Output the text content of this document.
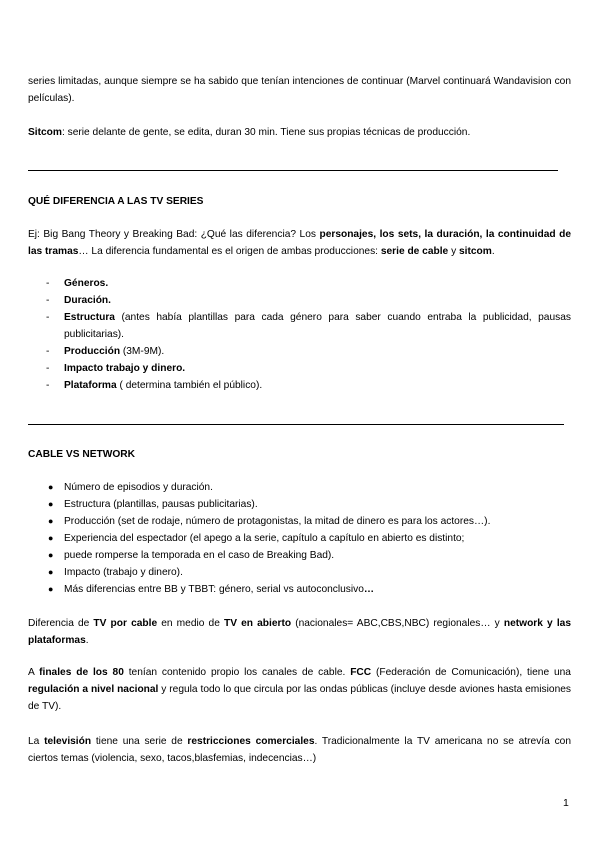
series limitadas, aunque siempre se ha sabido que tenían intenciones de continuar (Marvel continuará Wandavision con películas).
Sitcom: serie delante de gente, se edita, duran 30 min. Tiene sus propias técnicas de producción.
QUÉ DIFERENCIA A LAS TV SERIES
Ej: Big Bang Theory y Breaking Bad: ¿Qué las diferencia? Los personajes, los sets, la duración, la continuidad de las tramas… La diferencia fundamental es el origen de ambas producciones: serie de cable y sitcom.
- Géneros.
- Duración.
- Estructura (antes había plantillas para cada género para saber cuando entraba la publicidad, pausas publicitarias).
- Producción (3M-9M).
- Impacto trabajo y dinero.
- Plataforma ( determina también el público).
CABLE VS NETWORK
● Número de episodios y duración.
● Estructura (plantillas, pausas publicitarias).
● Producción (set de rodaje, número de protagonistas, la mitad de dinero es para los actores…).
● Experiencia del espectador (el apego a la serie, capítulo a capítulo en abierto es distinto;
● puede romperse la temporada en el caso de Breaking Bad).
● Impacto (trabajo y dinero).
● Más diferencias entre BB y TBBT: género, serial vs autoconclusivo…
Diferencia de TV por cable en medio de TV en abierto (nacionales= ABC,CBS,NBC) regionales… y network y las plataformas.
A finales de los 80 tenían contenido propio los canales de cable. FCC (Federación de Comunicación), tiene una regulación a nivel nacional y regula todo lo que circula por las ondas públicas (incluye desde aviones hasta emisiones de TV).
La televisión tiene una serie de restricciones comerciales. Tradicionalmente la TV americana no se atrevía con ciertos temas (violencia, sexo, tacos,blasfemias, indecencias…)
1
